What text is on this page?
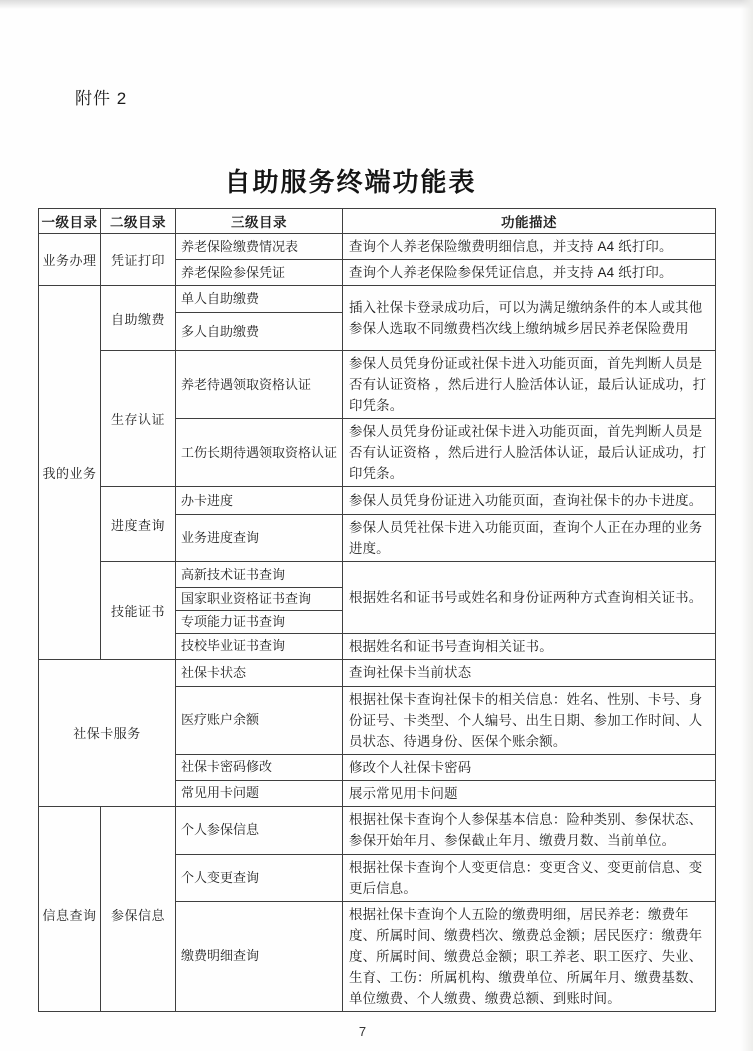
附件 2
自助服务终端功能表
一级目录	二级目录	三级目录	功能描述
业务办理	凭证打印	养老保险缴费情况表	查询个人养老保险缴费明细信息，并支持 A4 纸打印。
		养老保险参保凭证	查询个人养老保险参保凭证信息，并支持 A4 纸打印。
我的业务	自助缴费	单人自助缴费	插入社保卡登录成功后，可以为满足缴纳条件的本人或其他参保人选取不同缴费档次线上缴纳城乡居民养老保险费用
		多人自助缴费	
	生存认证	养老待遇领取资格认证	参保人员凭身份证或社保卡进入功能页面，首先判断人员是否有认证资格 ，然后进行人脸活体认证，最后认证成功，打印凭条。
		工伤长期待遇领取资格认证	参保人员凭身份证或社保卡进入功能页面，首先判断人员是否有认证资格 ，然后进行人脸活体认证，最后认证成功，打印凭条。
	进度查询	办卡进度	参保人员凭身份证进入功能页面，查询社保卡的办卡进度。
		业务进度查询	参保人员凭社保卡进入功能页面，查询个人正在办理的业务进度。
	技能证书	高新技术证书查询	根据姓名和证书号或姓名和身份证两种方式查询相关证书。
		国家职业资格证书查询	
		专项能力证书查询	
		技校毕业证书查询	根据姓名和证书号查询相关证书。
社保卡服务		社保卡状态	查询社保卡当前状态
		医疗账户余额	根据社保卡查询社保卡的相关信息：姓名、性别、卡号、身份证号、卡类型、个人编号、出生日期、参加工作时间、人员状态、待遇身份、医保个账余额。
		社保卡密码修改	修改个人社保卡密码
		常见用卡问题	展示常见用卡问题
信息查询	参保信息	个人参保信息	根据社保卡查询个人参保基本信息：险种类别、参保状态、参保开始年月、参保截止年月、缴费月数、当前单位。
		个人变更查询	根据社保卡查询个人变更信息：变更含义、变更前信息、变更后信息。
		缴费明细查询	根据社保卡查询个人五险的缴费明细，居民养老：缴费年度、所属时间、缴费档次、缴费总金额；居民医疗：缴费年度、所属时间、缴费总金额；职工养老、职工医疗、失业、生育、工伤：所属机构、缴费单位、所属年月、缴费基数、单位缴费、个人缴费、缴费总额、到账时间。
7
